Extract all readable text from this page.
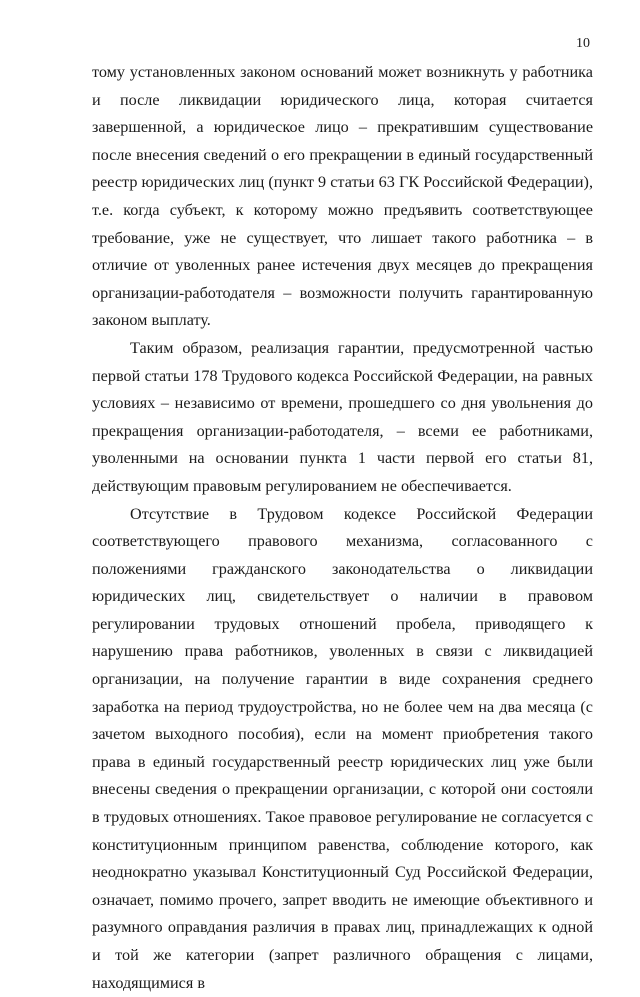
10

тому установленных законом оснований может возникнуть у работника и после ликвидации юридического лица, которая считается завершенной, а юридическое лицо – прекратившим существование после внесения сведений о его прекращении в единый государственный реестр юридических лиц (пункт 9 статьи 63 ГК Российской Федерации), т.е. когда субъект, к которому можно предъявить соответствующее требование, уже не существует, что лишает такого работника – в отличие от уволенных ранее истечения двух месяцев до прекращения организации-работодателя – возможности получить гарантированную законом выплату.

Таким образом, реализация гарантии, предусмотренной частью первой статьи 178 Трудового кодекса Российской Федерации, на равных условиях – независимо от времени, прошедшего со дня увольнения до прекращения организации-работодателя, – всеми ее работниками, уволенными на основании пункта 1 части первой его статьи 81, действующим правовым регулированием не обеспечивается.

Отсутствие в Трудовом кодексе Российской Федерации соответствующего правового механизма, согласованного с положениями гражданского законодательства о ликвидации юридических лиц, свидетельствует о наличии в правовом регулировании трудовых отношений пробела, приводящего к нарушению права работников, уволенных в связи с ликвидацией организации, на получение гарантии в виде сохранения среднего заработка на период трудоустройства, но не более чем на два месяца (с зачетом выходного пособия), если на момент приобретения такого права в единый государственный реестр юридических лиц уже были внесены сведения о прекращении организации, с которой они состояли в трудовых отношениях. Такое правовое регулирование не согласуется с конституционным принципом равенства, соблюдение которого, как неоднократно указывал Конституционный Суд Российской Федерации, означает, помимо прочего, запрет вводить не имеющие объективного и разумного оправдания различия в правах лиц, принадлежащих к одной и той же категории (запрет различного обращения с лицами, находящимися в
